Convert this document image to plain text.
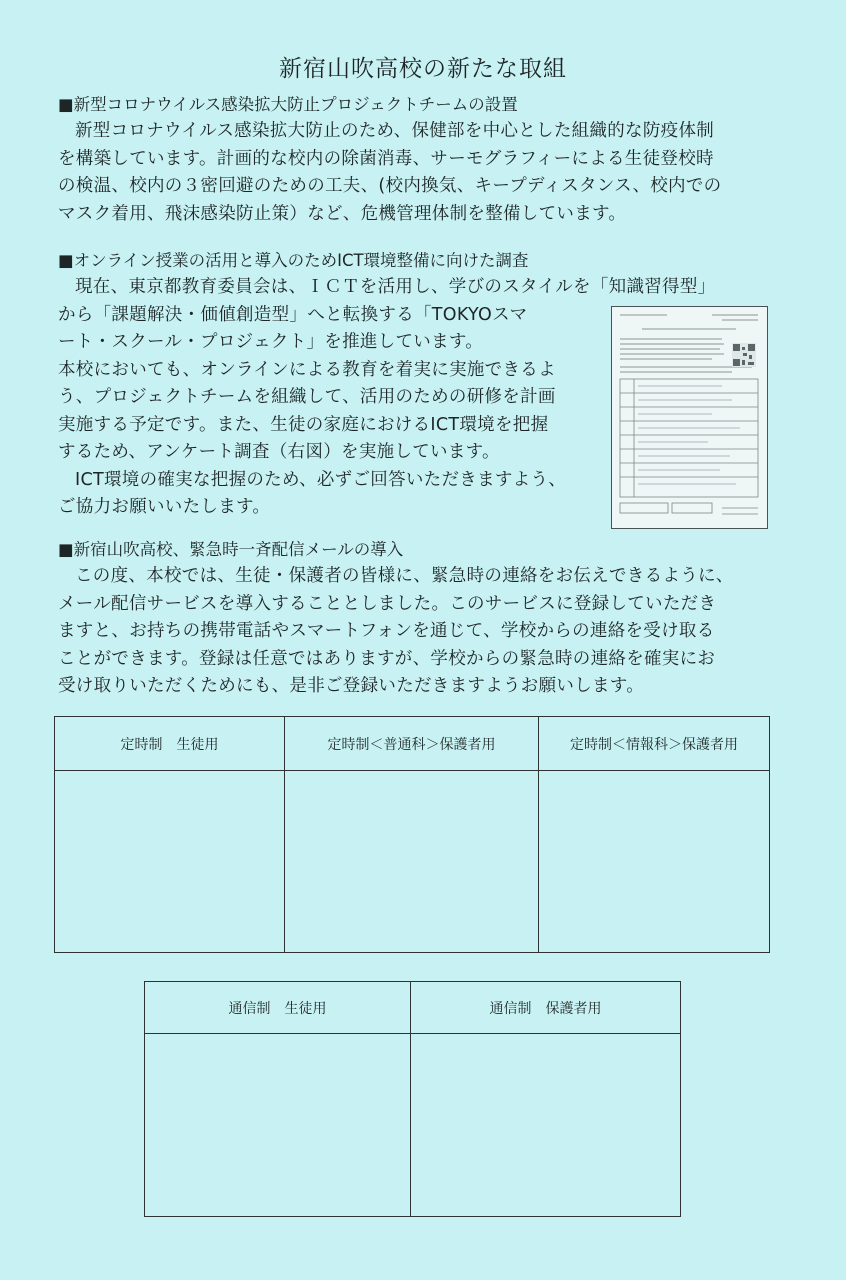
新宿山吹高校の新たな取組
■新型コロナウイルス感染拡大防止プロジェクトチームの設置

新型コロナウイルス感染拡大防止のため、保健部を中心とした組織的な防疫体制

を構築しています。計画的な校内の除菌消毒、サーモグラフィーによる生徒登校時

の検温、校内の３密回避のための工夫、(校内換気、キープディスタンス、校内での

マスク着用、飛沫感染防止策）など、危機管理体制を整備しています。

■オンライン授業の活用と導入のためICT環境整備に向けた調査

現在、東京都教育委員会は、ＩＣＴを活用し、学びのスタイルを「知識習得型」

から「課題解決・価値創造型」へと転換する「TOKYOスマ

ート・スクール・プロジェクト」を推進しています。

本校においても、オンラインによる教育を着実に実施できるよ

う、プロジェクトチームを組織して、活用のための研修を計画

実施する予定です。また、生徒の家庭におけるICT環境を把握

するため、アンケート調査（右図）を実施しています。

ICT環境の確実な把握のため、必ずご回答いただきますよう、

ご協力お願いいたします。

■新宿山吹高校、緊急時一斉配信メールの導入

この度、本校では、生徒・保護者の皆様に、緊急時の連絡をお伝えできるように、

メール配信サービスを導入することとしました。このサービスに登録していただき

ますと、お持ちの携帯電話やスマートフォンを通じて、学校からの連絡を受け取る

ことができます。登録は任意ではありますが、学校からの緊急時の連絡を確実にお

受け取りいただくためにも、是非ご登録いただきますようお願いします。

定時制　生徒用	定時制＜普通科＞保護者用	定時制＜情報科＞保護者用

通信制　生徒用	通信制　保護者用
